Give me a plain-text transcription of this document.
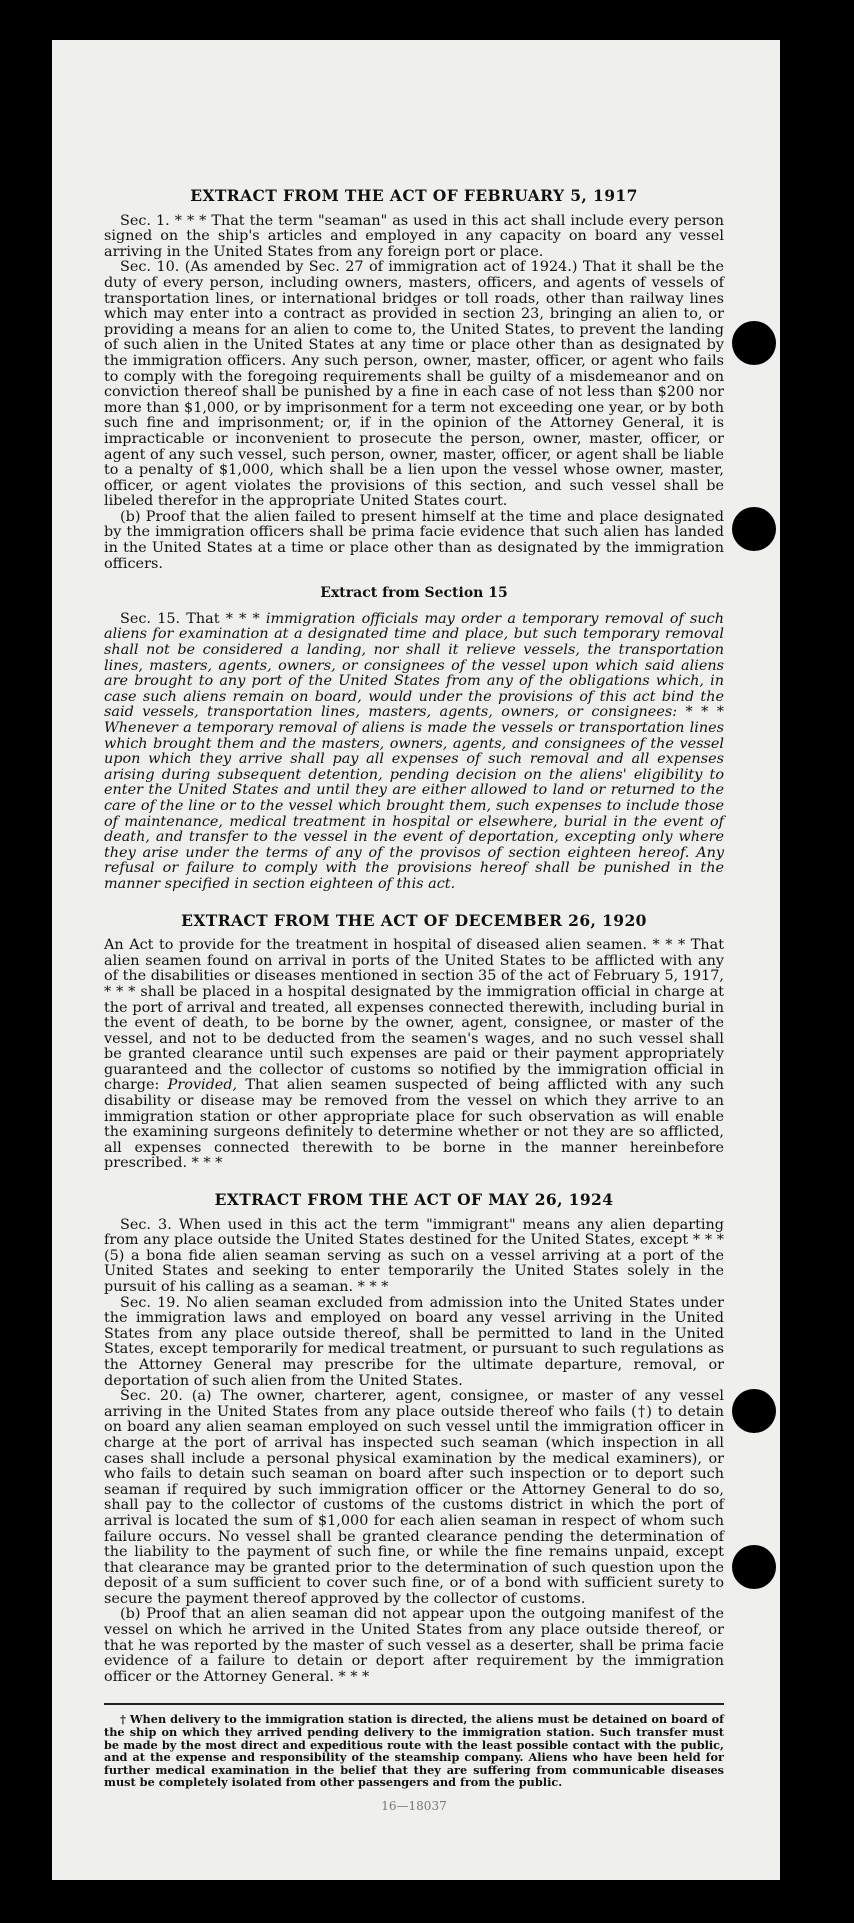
EXTRACT FROM THE ACT OF FEBRUARY 5, 1917

Sec. 1. * * * That the term "seaman" as used in this act shall include every person signed on the ship's articles and employed in any capacity on board any vessel arriving in the United States from any foreign port or place.

Sec. 10. (As amended by Sec. 27 of immigration act of 1924.) That it shall be the duty of every person, including owners, masters, officers, and agents of vessels of transportation lines, or international bridges or toll roads, other than railway lines which may enter into a contract as provided in section 23, bringing an alien to, or providing a means for an alien to come to, the United States, to prevent the landing of such alien in the United States at any time or place other than as designated by the immigration officers. Any such person, owner, master, officer, or agent who fails to comply with the foregoing requirements shall be guilty of a misdemeanor and on conviction thereof shall be punished by a fine in each case of not less than $200 nor more than $1,000, or by imprisonment for a term not exceeding one year, or by both such fine and imprisonment; or, if in the opinion of the Attorney General, it is impracticable or inconvenient to prosecute the person, owner, master, officer, or agent of any such vessel, such person, owner, master, officer, or agent shall be liable to a penalty of $1,000, which shall be a lien upon the vessel whose owner, master, officer, or agent violates the provisions of this section, and such vessel shall be libeled therefor in the appropriate United States court.

(b) Proof that the alien failed to present himself at the time and place designated by the immigration officers shall be prima facie evidence that such alien has landed in the United States at a time or place other than as designated by the immigration officers.

Extract from Section 15

Sec. 15. That * * * immigration officials may order a temporary removal of such aliens for examination at a designated time and place, but such temporary removal shall not be considered a landing, nor shall it relieve vessels, the transportation lines, masters, agents, owners, or consignees of the vessel upon which said aliens are brought to any port of the United States from any of the obligations which, in case such aliens remain on board, would under the provisions of this act bind the said vessels, transportation lines, masters, agents, owners, or consignees: * * * Whenever a temporary removal of aliens is made the vessels or transportation lines which brought them and the masters, owners, agents, and consignees of the vessel upon which they arrive shall pay all expenses of such removal and all expenses arising during subsequent detention, pending decision on the aliens' eligibility to enter the United States and until they are either allowed to land or returned to the care of the line or to the vessel which brought them, such expenses to include those of maintenance, medical treatment in hospital or elsewhere, burial in the event of death, and transfer to the vessel in the event of deportation, excepting only where they arise under the terms of any of the provisos of section eighteen hereof. Any refusal or failure to comply with the provisions hereof shall be punished in the manner specified in section eighteen of this act.

EXTRACT FROM THE ACT OF DECEMBER 26, 1920

An Act to provide for the treatment in hospital of diseased alien seamen. * * * That alien seamen found on arrival in ports of the United States to be afflicted with any of the disabilities or diseases mentioned in section 35 of the act of February 5, 1917, * * * shall be placed in a hospital designated by the immigration official in charge at the port of arrival and treated, all expenses connected therewith, including burial in the event of death, to be borne by the owner, agent, consignee, or master of the vessel, and not to be deducted from the seamen's wages, and no such vessel shall be granted clearance until such expenses are paid or their payment appropriately guaranteed and the collector of customs so notified by the immigration official in charge: Provided, That alien seamen suspected of being afflicted with any such disability or disease may be removed from the vessel on which they arrive to an immigration station or other appropriate place for such observation as will enable the examining surgeons definitely to determine whether or not they are so afflicted, all expenses connected therewith to be borne in the manner hereinbefore prescribed. * * *

EXTRACT FROM THE ACT OF MAY 26, 1924

Sec. 3. When used in this act the term "immigrant" means any alien departing from any place outside the United States destined for the United States, except * * * (5) a bona fide alien seaman serving as such on a vessel arriving at a port of the United States and seeking to enter temporarily the United States solely in the pursuit of his calling as a seaman. * * *

Sec. 19. No alien seaman excluded from admission into the United States under the immigration laws and employed on board any vessel arriving in the United States from any place outside thereof, shall be permitted to land in the United States, except temporarily for medical treatment, or pursuant to such regulations as the Attorney General may prescribe for the ultimate departure, removal, or deportation of such alien from the United States.

Sec. 20. (a) The owner, charterer, agent, consignee, or master of any vessel arriving in the United States from any place outside thereof who fails (†) to detain on board any alien seaman employed on such vessel until the immigration officer in charge at the port of arrival has inspected such seaman (which inspection in all cases shall include a personal physical examination by the medical examiners), or who fails to detain such seaman on board after such inspection or to deport such seaman if required by such immigration officer or the Attorney General to do so, shall pay to the collector of customs of the customs district in which the port of arrival is located the sum of $1,000 for each alien seaman in respect of whom such failure occurs. No vessel shall be granted clearance pending the determination of the liability to the payment of such fine, or while the fine remains unpaid, except that clearance may be granted prior to the determination of such question upon the deposit of a sum sufficient to cover such fine, or of a bond with sufficient surety to secure the payment thereof approved by the collector of customs.

(b) Proof that an alien seaman did not appear upon the outgoing manifest of the vessel on which he arrived in the United States from any place outside thereof, or that he was reported by the master of such vessel as a deserter, shall be prima facie evidence of a failure to detain or deport after requirement by the immigration officer or the Attorney General. * * *

† When delivery to the immigration station is directed, the aliens must be detained on board of the ship on which they arrived pending delivery to the immigration station. Such transfer must be made by the most direct and expeditious route with the least possible contact with the public, and at the expense and responsibility of the steamship company. Aliens who have been held for further medical examination in the belief that they are suffering from communicable diseases must be completely isolated from other passengers and from the public.

16—18037
